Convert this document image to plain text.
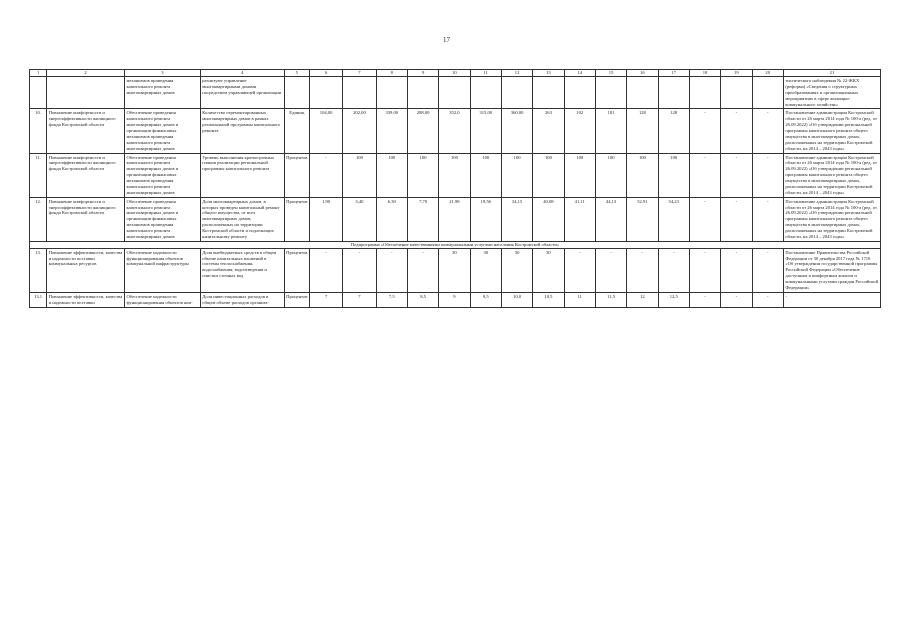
17
1	2	3	4	5	6	7	8	9	10	11	12	13	14	15	16	17	18	19	20	21
		механизмов проведения капитального ремонта многоквартирных домов	реализуют управление многоквартирными домами посредством управляющей организации																	тистического наблюдения № 22-ЖКХ (реформа) «Сведения о структурных преобразованиях и организационных мероприятиях в сфере жилищно-коммунального хозяйства»
10.	Повышение комфортности и энергоэффективности жилищного фонда Костромской области	Обеспечение проведения капитального ремонта многоквартирных домов и организации финансовых механизмов проведения капитального ремонта многоквартирных домов	Количество отремонтированных многоквартирных домов в рамках региональной программы капитального ремонта	Единиц	104,00	202,00	339,00	288,00	352,0	315,00	360,00	263	102	181	128	128	-	-	-	Постановление администрации Костромской области от 26 марта 2014 года № 100-а (ред. от 26.09.2022) «Об утверждении региональной программы капитального ремонта общего имущества в многоквартирных домах, расположенных на территории Костромской области, на 2014 – 2043 годы»
11.	Повышение комфортности и энергоэффективности жилищного фонда Костромской области	Обеспечение проведения капитального ремонта многоквартирных домов и организации финансовых механизмов проведения капитального ремонта многоквартирных домов	Уровень выполнения краткосрочных планов реализации региональной программы капитального ремонта	Процентов	-	100	100	100	100	100	100	100	100	100	100	100	-	-	-	Постановление администрации Костромской области от 26 марта 2014 года № 100-а (ред. от 26.09.2022) «Об утверждении региональной программы капитального ремонта общего имущества в многоквартирных домах, расположенных на территории Костромской области, на 2014 – 2043 годы»
12.	Повышение комфортности и энергоэффективности жилищного фонда Костромской области	Обеспечение проведения капитального ремонта многоквартирных домов и организации финансовых механизмов проведения капитального ремонта многоквартирных домов	Доля многоквартирных домов, в которых проведен капитальный ремонт общего имущества, от всех многоквартирных домов, расположенных на территории Костромской области и подлежащих капитальному ремонту	Процентов	1,90	3,40	6,30	7,70	21,98	19,56	34,15	40,08	41,11	44,13	52,91	54,23	-	-	-	Постановление администрации Костромской области от 26 марта 2014 года № 100-а (ред. от 26.09.2022) «Об утверждении региональной программы капитального ремонта общего имущества в многоквартирных домах, расположенных на территории Костромской области, на 2014 – 2043 годы»
Подпрограмма «Обеспечение качественными коммунальными услугами населения Костромской области»																				
13.	Повышение эффективности, качества и надежности поставки коммунальных ресурсов	Обеспечение надежности функционирования объектов коммунальной инфраструктуры	Доля внебюджетных средств в общем объеме капитальных вложений в системы теплоснабжения, водоснабжения, водоотведения и очистки сточных вод	Процентов	-	-	-	-	30	30	30	30	-	-	-	-	-	-	-	Постановление Правительства Российской Федерации от 30 декабря 2017 года № 1710 «Об утверждении государственной программы Российской Федерации «Обеспечение доступным и комфортным жильем и коммунальными услугами граждан Российской Федерации»
13.1	Повышение эффективности, качества и надежности поставки	Обеспечение надежности функционирования объектов ком-	Доля инвестиционных расходов в общем объеме расходов организа-	Процентов	7	7	7,5	8,5	9	9,5	10,0	10,5	11	11,5	12	12,5	-	-	-	-
